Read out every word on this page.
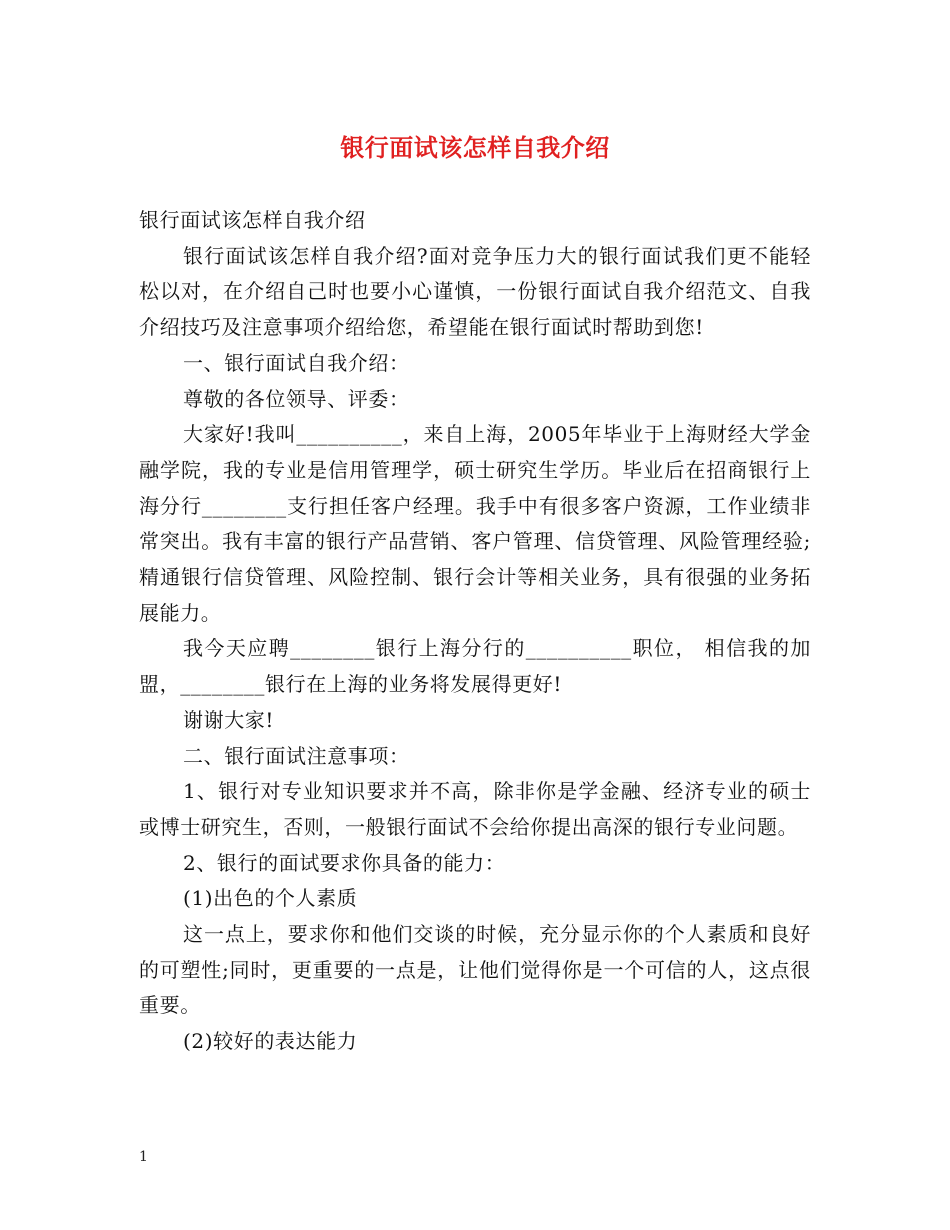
银行面试该怎样自我介绍

银行面试该怎样自我介绍

银行面试该怎样自我介绍?面对竞争压力大的银行面试我们更不能轻松以对，在介绍自己时也要小心谨慎，一份银行面试自我介绍范文、自我介绍技巧及注意事项介绍给您，希望能在银行面试时帮助到您!

一、银行面试自我介绍：

尊敬的各位领导、评委：

大家好!我叫__________，来自上海，2005年毕业于上海财经大学金融学院，我的专业是信用管理学，硕士研究生学历。毕业后在招商银行上海分行________支行担任客户经理。我手中有很多客户资源，工作业绩非常突出。我有丰富的银行产品营销、客户管理、信贷管理、风险管理经验;精通银行信贷管理、风险控制、银行会计等相关业务，具有很强的业务拓展能力。

我今天应聘________银行上海分行的__________职位， 相信我的加盟，________银行在上海的业务将发展得更好!

谢谢大家!

二、银行面试注意事项：

1、银行对专业知识要求并不高，除非你是学金融、经济专业的硕士或博士研究生，否则，一般银行面试不会给你提出高深的银行专业问题。

2、银行的面试要求你具备的能力：

(1)出色的个人素质

这一点上，要求你和他们交谈的时候，充分显示你的个人素质和良好的可塑性;同时，更重要的一点是，让他们觉得你是一个可信的人，这点很重要。

(2)较好的表达能力

1
